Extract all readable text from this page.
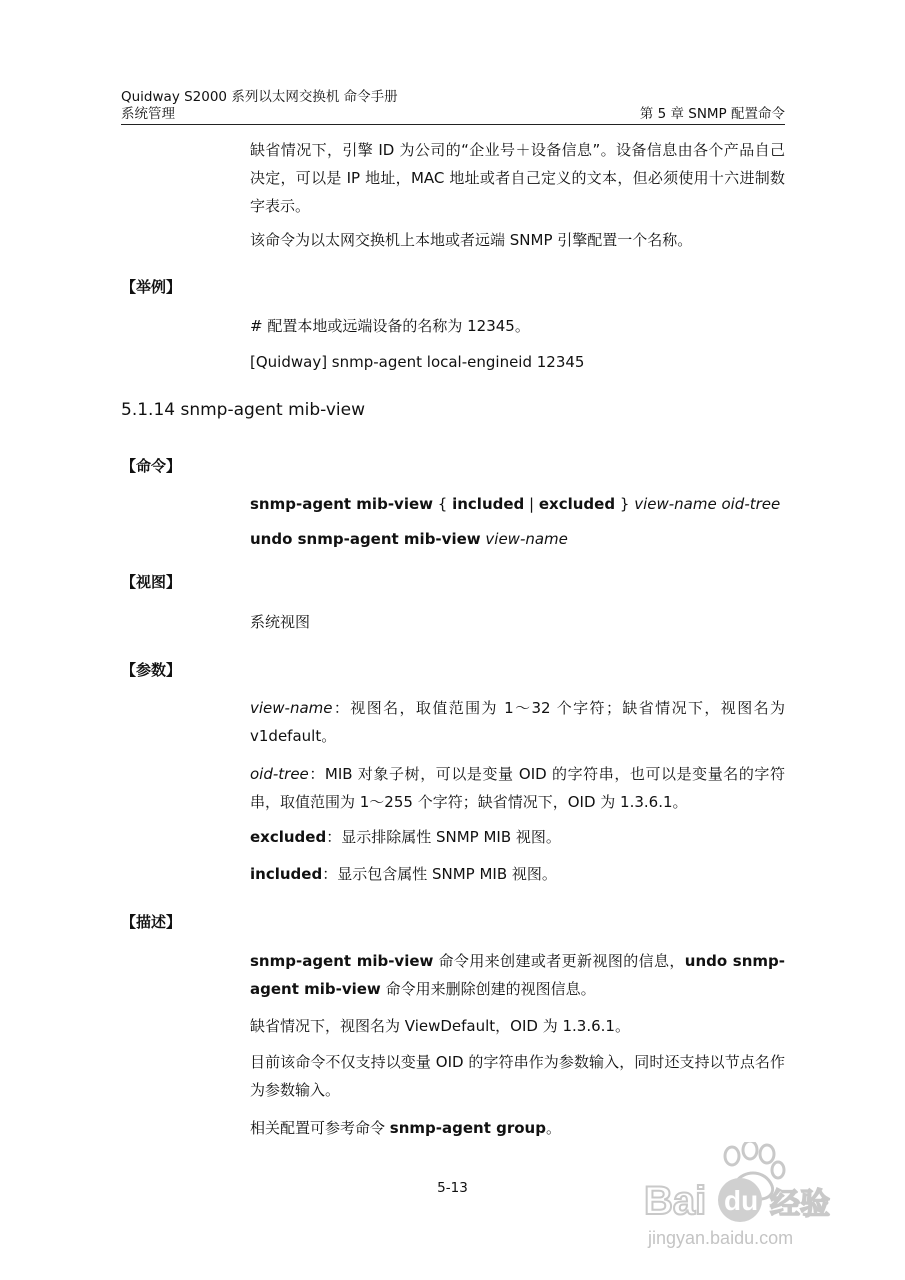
Quidway S2000 系列以太网交换机 命令手册
系统管理	第 5 章 SNMP 配置命令
缺省情况下，引擎 ID 为公司的“企业号＋设备信息”。设备信息由各个产品自己决定，可以是 IP 地址，MAC 地址或者自己定义的文本，但必须使用十六进制数字表示。
该命令为以太网交换机上本地或者远端 SNMP 引擎配置一个名称。
【举例】
# 配置本地或远端设备的名称为 12345。
[Quidway] snmp-agent local-engineid 12345
5.1.14 snmp-agent mib-view
【命令】
snmp-agent mib-view { included | excluded } view-name oid-tree
undo snmp-agent mib-view view-name
【视图】
系统视图
【参数】
view-name：视图名，取值范围为 1～32 个字符；缺省情况下，视图名为 v1default。
oid-tree：MIB 对象子树，可以是变量 OID 的字符串，也可以是变量名的字符串，取值范围为 1～255 个字符；缺省情况下，OID 为 1.3.6.1。
excluded：显示排除属性 SNMP MIB 视图。
included：显示包含属性 SNMP MIB 视图。
【描述】
snmp-agent mib-view 命令用来创建或者更新视图的信息，undo snmp-agent mib-view 命令用来删除创建的视图信息。
缺省情况下，视图名为 ViewDefault，OID 为 1.3.6.1。
目前该命令不仅支持以变量 OID 的字符串作为参数输入，同时还支持以节点名作为参数输入。
相关配置可参考命令 snmp-agent group。
5-13	Bai du 经验
jingyan.baidu.com
